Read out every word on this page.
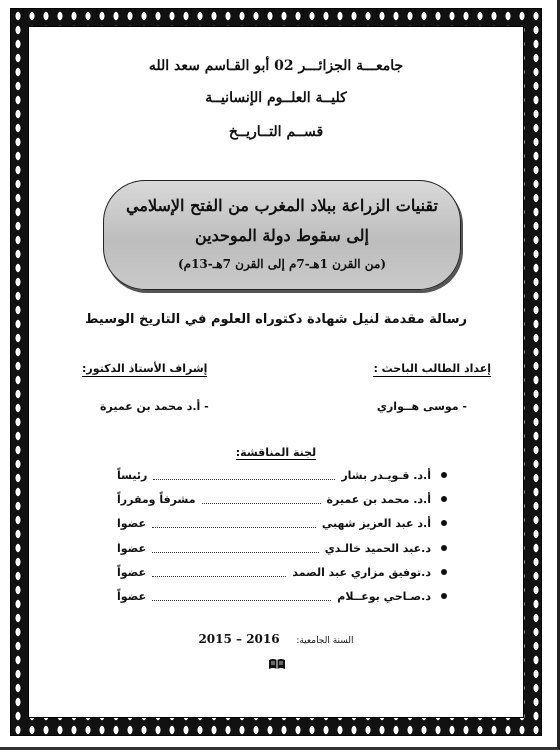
جامعـــة الجزائـــر 02 أبو القـاسم سعد الله
كليــة العلــوم الإنسانيــة
قســم التــاريــخ
تقنيات الزراعة ببلاد المغرب من الفتح الإسلامي
إلى سقوط دولة الموحدين
(من القرن 1هـ-7م إلى القرن 7هـ-13م)
رسالة مقدمة لنيل شهادة دكتوراه العلوم في التاريخ الوسيط
إعداد الطالب الباحث :
إشراف الأستاذ الدكتور:
- موسى هــواري
- أ.د محمد بن عميرة
لجنة المناقشة:
أ.د. قـويـدر بشار
رئيساً
أ.د. محمد بن عميرة
مشرفاً ومقرراً
أ.د عبد العزيز شهبي
عضوا
د.عبد الحميد خالـدي
عضوا
د.توفيق مزاري عبد الصمد
عضواً
د.صـاحي بوعــلام
عضواً
السنة الجامعية:    2016 – 2015
